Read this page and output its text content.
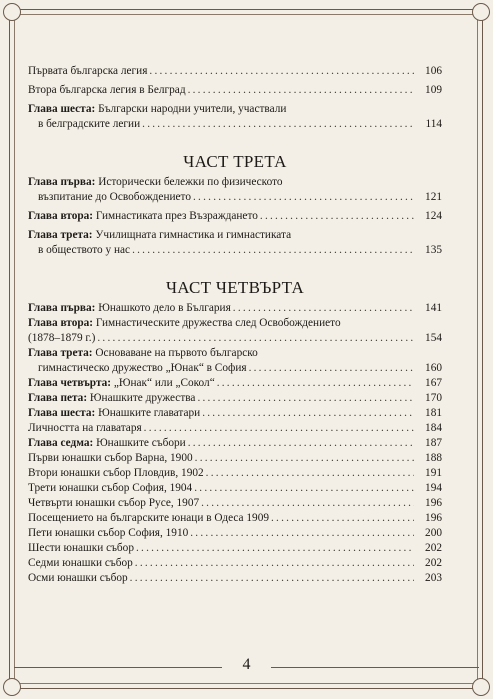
Първата българска легия . . .	106
Втора българска легия в Белград . . .	109
Глава шеста: Български народни учители, участвали
в белградските легии . . .	114
ЧАСТ ТРЕТА
Глава първа: Исторически бележки по физическото
възпитание до Освобождението . . .	121
Глава втора: Гимнастиката през Възраждането . . .	124
Глава трета: Училищната гимнастика и гимнастиката
в обществото у нас . . .	135
ЧАСТ ЧЕТВЪРТА
Глава първа: Юнашкото дело в България . . .	141
Глава втора: Гимнастическите дружества след Освобождението
(1878–1879 г.) . . .	154
Глава трета: Основаване на първото българско
гимнастическо дружество „Юнак“ в София . . .	160
Глава четвърта: „Юнак“ или „Сокол“ . . .	167
Глава пета: Юнашките дружества . . .	170
Глава шеста: Юнашките главатари . . .	181
Личността на главатаря . . .	184
Глава седма: Юнашките събори . . .	187
Първи юнашки събор Варна, 1900 . . .	188
Втори юнашки събор Пловдив, 1902 . . .	191
Трети юнашки събор София, 1904 . . .	194
Четвърти юнашки събор Русе, 1907 . . .	196
Посещението на българските юнаци в Одеса 1909 . . .	196
Пети юнашки събор София, 1910 . . .	200
Шести юнашки събор . . .	202
Седми юнашки събор . . .	202
Осми юнашки събор . . .	203
4
